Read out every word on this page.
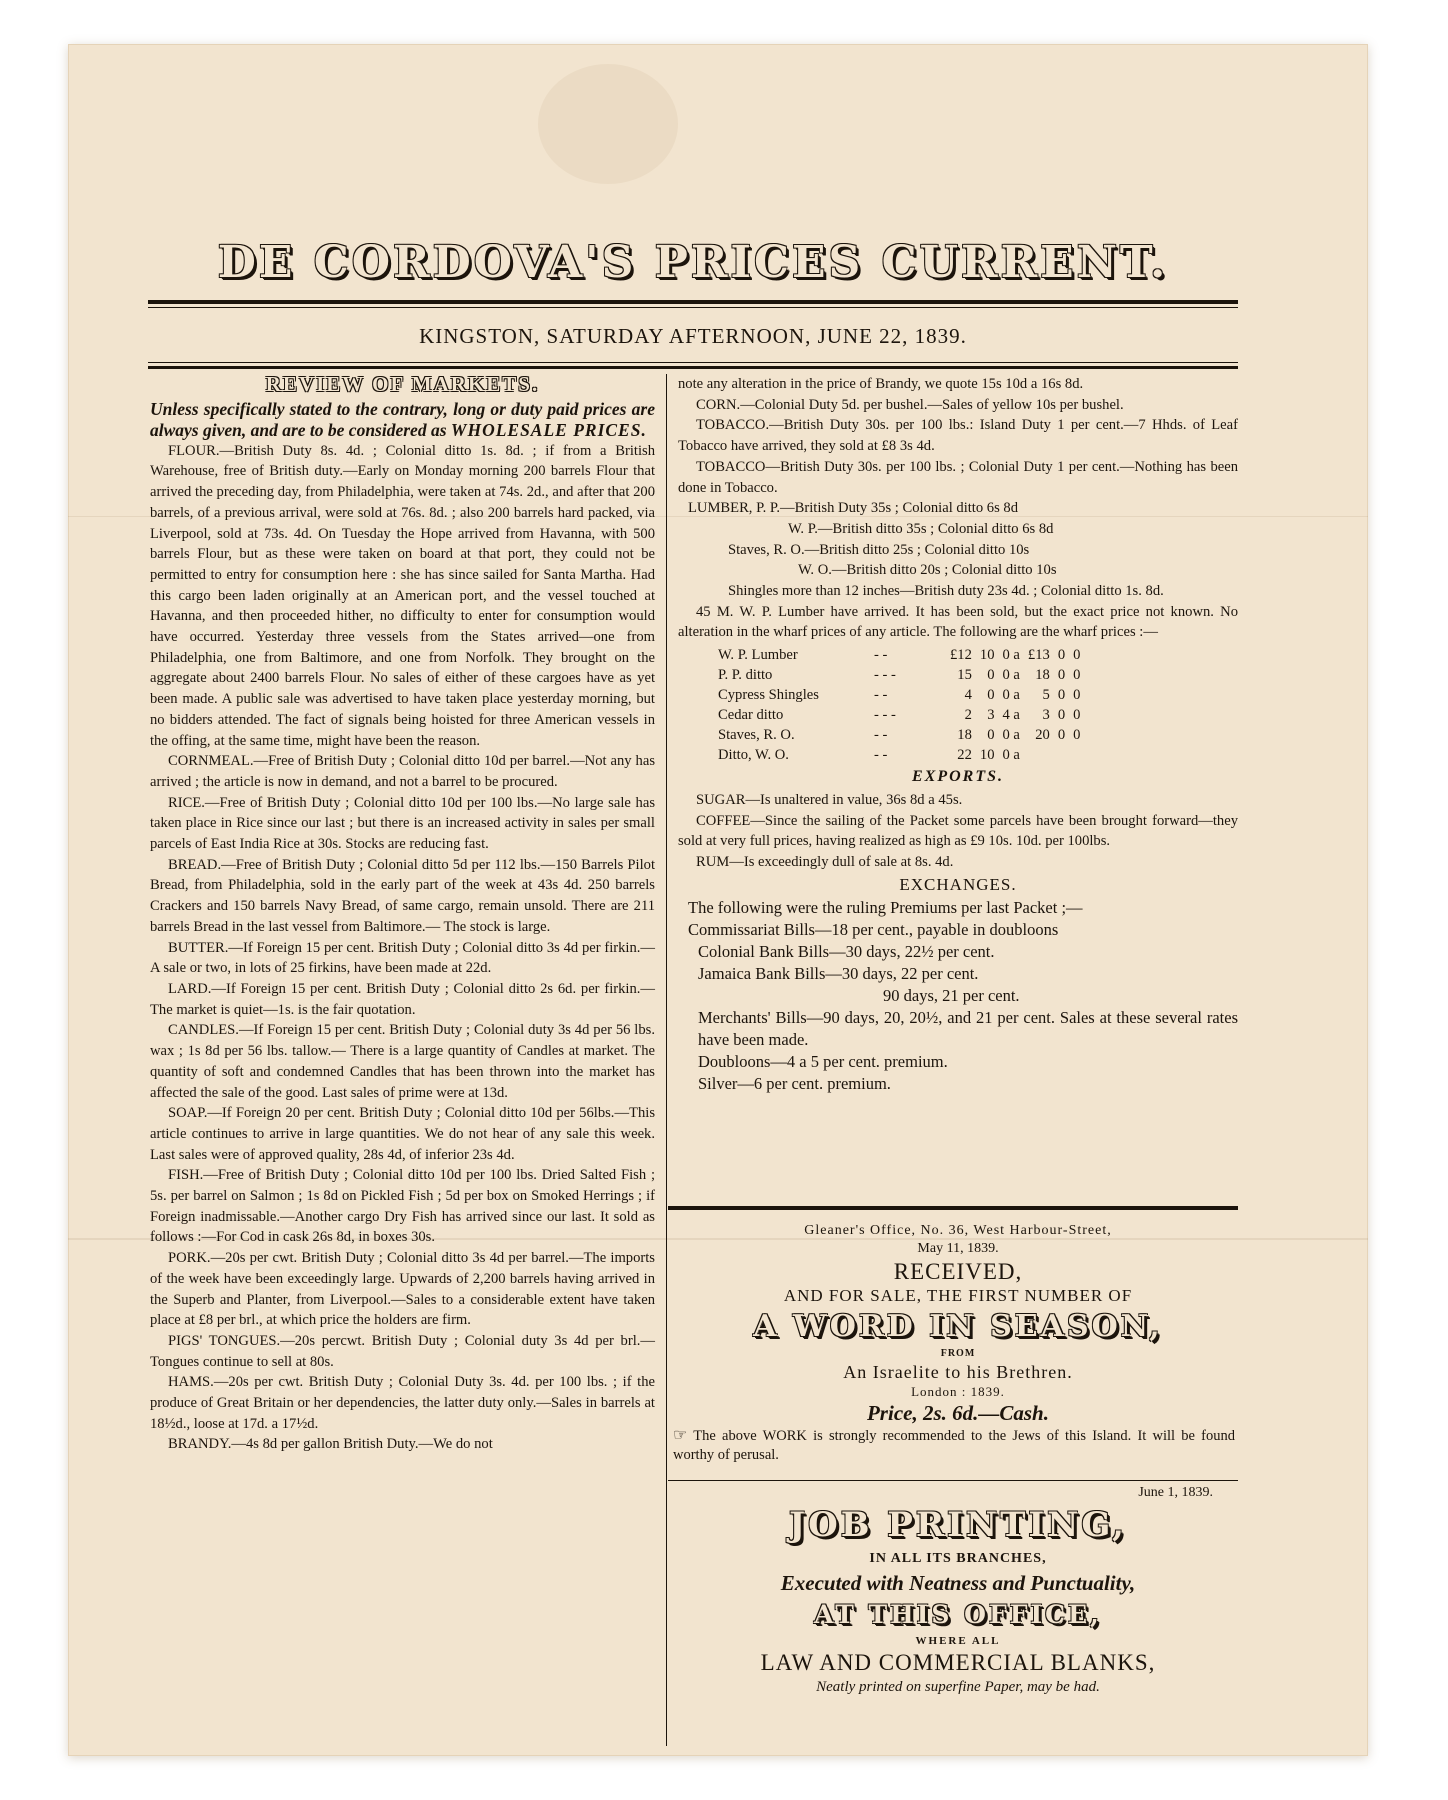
DE CORDOVA'S PRICES CURRENT.
KINGSTON, SATURDAY AFTERNOON, JUNE 22, 1839.
REVIEW OF MARKETS.
Unless specifically stated to the contrary, long or duty paid prices are always given, and are to be considered as WHOLESALE PRICES.

FLOUR.—British Duty 8s. 4d. ; Colonial ditto 1s. 8d. ; if from a British Warehouse, free of British duty.—Early on Monday morning 200 barrels Flour that arrived the preceding day, from Philadelphia, were taken at 74s. 2d., and after that 200 barrels, of a previous arrival, were sold at 76s. 8d. ; also 200 barrels hard packed, via Liverpool, sold at 73s. 4d. On Tuesday the Hope arrived from Havanna, with 500 barrels Flour, but as these were taken on board at that port, they could not be permitted to entry for consumption here : she has since sailed for Santa Martha. Had this cargo been laden originally at an American port, and the vessel touched at Havanna, and then proceeded hither, no difficulty to enter for consumption would have occurred. Yesterday three vessels from the States arrived—one from Philadelphia, one from Baltimore, and one from Norfolk. They brought on the aggregate about 2400 barrels Flour. No sales of either of these cargoes have as yet been made. A public sale was advertised to have taken place yesterday morning, but no bidders attended. The fact of signals being hoisted for three American vessels in the offing, at the same time, might have been the reason.

CORNMEAL.—Free of British Duty ; Colonial ditto 10d per barrel.—Not any has arrived ; the article is now in demand, and not a barrel to be procured.

RICE.—Free of British Duty ; Colonial ditto 10d per 100 lbs.—No large sale has taken place in Rice since our last ; but there is an increased activity in sales per small parcels of East India Rice at 30s. Stocks are reducing fast.

BREAD.—Free of British Duty ; Colonial ditto 5d per 112 lbs.—150 Barrels Pilot Bread, from Philadelphia, sold in the early part of the week at 43s 4d. 250 barrels Crackers and 150 barrels Navy Bread, of same cargo, remain unsold. There are 211 barrels Bread in the last vessel from Baltimore.— The stock is large.

BUTTER.—If Foreign 15 per cent. British Duty ; Colonial ditto 3s 4d per firkin.—A sale or two, in lots of 25 firkins, have been made at 22d.

LARD.—If Foreign 15 per cent. British Duty ; Colonial ditto 2s 6d. per firkin.—The market is quiet—1s. is the fair quotation.

CANDLES.—If Foreign 15 per cent. British Duty ; Colonial duty 3s 4d per 56 lbs. wax ; 1s 8d per 56 lbs. tallow.— There is a large quantity of Candles at market. The quantity of soft and condemned Candles that has been thrown into the market has affected the sale of the good. Last sales of prime were at 13d.

SOAP.—If Foreign 20 per cent. British Duty ; Colonial ditto 10d per 56lbs.—This article continues to arrive in large quantities. We do not hear of any sale this week. Last sales were of approved quality, 28s 4d, of inferior 23s 4d.

FISH.—Free of British Duty ; Colonial ditto 10d per 100 lbs. Dried Salted Fish ; 5s. per barrel on Salmon ; 1s 8d on Pickled Fish ; 5d per box on Smoked Herrings ; if Foreign inadmissable.—Another cargo Dry Fish has arrived since our last. It sold as follows :—For Cod in cask 26s 8d, in boxes 30s.

PORK.—20s per cwt. British Duty ; Colonial ditto 3s 4d per barrel.—The imports of the week have been exceedingly large. Upwards of 2,200 barrels having arrived in the Superb and Planter, from Liverpool.—Sales to a considerable extent have taken place at £8 per brl., at which price the holders are firm.

PIGS' TONGUES.—20s percwt. British Duty ; Colonial duty 3s 4d per brl.—Tongues continue to sell at 80s.

HAMS.—20s per cwt. British Duty ; Colonial Duty 3s. 4d. per 100 lbs. ; if the produce of Great Britain or her dependencies, the latter duty only.—Sales in barrels at 18½d., loose at 17d. a 17½d.

BRANDY.—4s 8d per gallon British Duty.—We do not

note any alteration in the price of Brandy, we quote 15s 10d a 16s 8d.

CORN.—Colonial Duty 5d. per bushel.—Sales of yellow 10s per bushel.

TOBACCO.—British Duty 30s. per 100 lbs.: Island Duty 1 per cent.—7 Hhds. of Leaf Tobacco have arrived, they sold at £8 3s 4d.

TOBACCO—British Duty 30s. per 100 lbs. ; Colonial Duty 1 per cent.—Nothing has been done in Tobacco.

LUMBER, P. P.—British Duty 35s ; Colonial ditto 6s 8d

W. P.—British ditto 35s ; Colonial ditto 6s 8d

Staves, R. O.—British ditto 25s ; Colonial ditto 10s

W. O.—British ditto 20s ; Colonial ditto 10s

Shingles more than 12 inches—British duty 23s 4d. ; Colonial ditto 1s. 8d.

45 M. W. P. Lumber have arrived. It has been sold, but the exact price not known. No alteration in the wharf prices of any article. The following are the wharf prices :—

W. P. Lumber	- -	£12	10	0 a	£13	0	0
P. P. ditto	- - -	15	0	0 a	18	0	0
Cypress Shingles	- -	4	0	0 a	5	0	0
Cedar ditto	- - -	2	3	4 a	3	0	0
Staves, R. O.	- -	18	0	0 a	20	0	0
Ditto, W. O.	- -	22	10	0 a			
EXPORTS.

SUGAR—Is unaltered in value, 36s 8d a 45s.

COFFEE—Since the sailing of the Packet some parcels have been brought forward—they sold at very full prices, having realized as high as £9 10s. 10d. per 100lbs.

RUM—Is exceedingly dull of sale at 8s. 4d.

EXCHANGES.

The following were the ruling Premiums per last Packet ;—

Commissariat Bills—18 per cent., payable in doubloons

Colonial Bank Bills—30 days, 22½ per cent.

Jamaica Bank Bills—30 days, 22 per cent.

90 days, 21 per cent.

Merchants' Bills—90 days, 20, 20½, and 21 per cent. Sales at these several rates have been made.

Doubloons—4 a 5 per cent. premium.

Silver—6 per cent. premium.

Gleaner's Office, No. 36, West Harbour-Street,
May 11, 1839.
RECEIVED,
AND FOR SALE, THE FIRST NUMBER OF
A WORD IN SEASON,
FROM
An Israelite to his Brethren.
London : 1839.
Price, 2s. 6d.—Cash.
☞ The above WORK is strongly recommended to the Jews of this Island. It will be found worthy of perusal.
June 1, 1839.
JOB PRINTING,
IN ALL ITS BRANCHES,
Executed with Neatness and Punctuality,
AT THIS OFFICE,
WHERE ALL
LAW AND COMMERCIAL BLANKS,
Neatly printed on superfine Paper, may be had.
